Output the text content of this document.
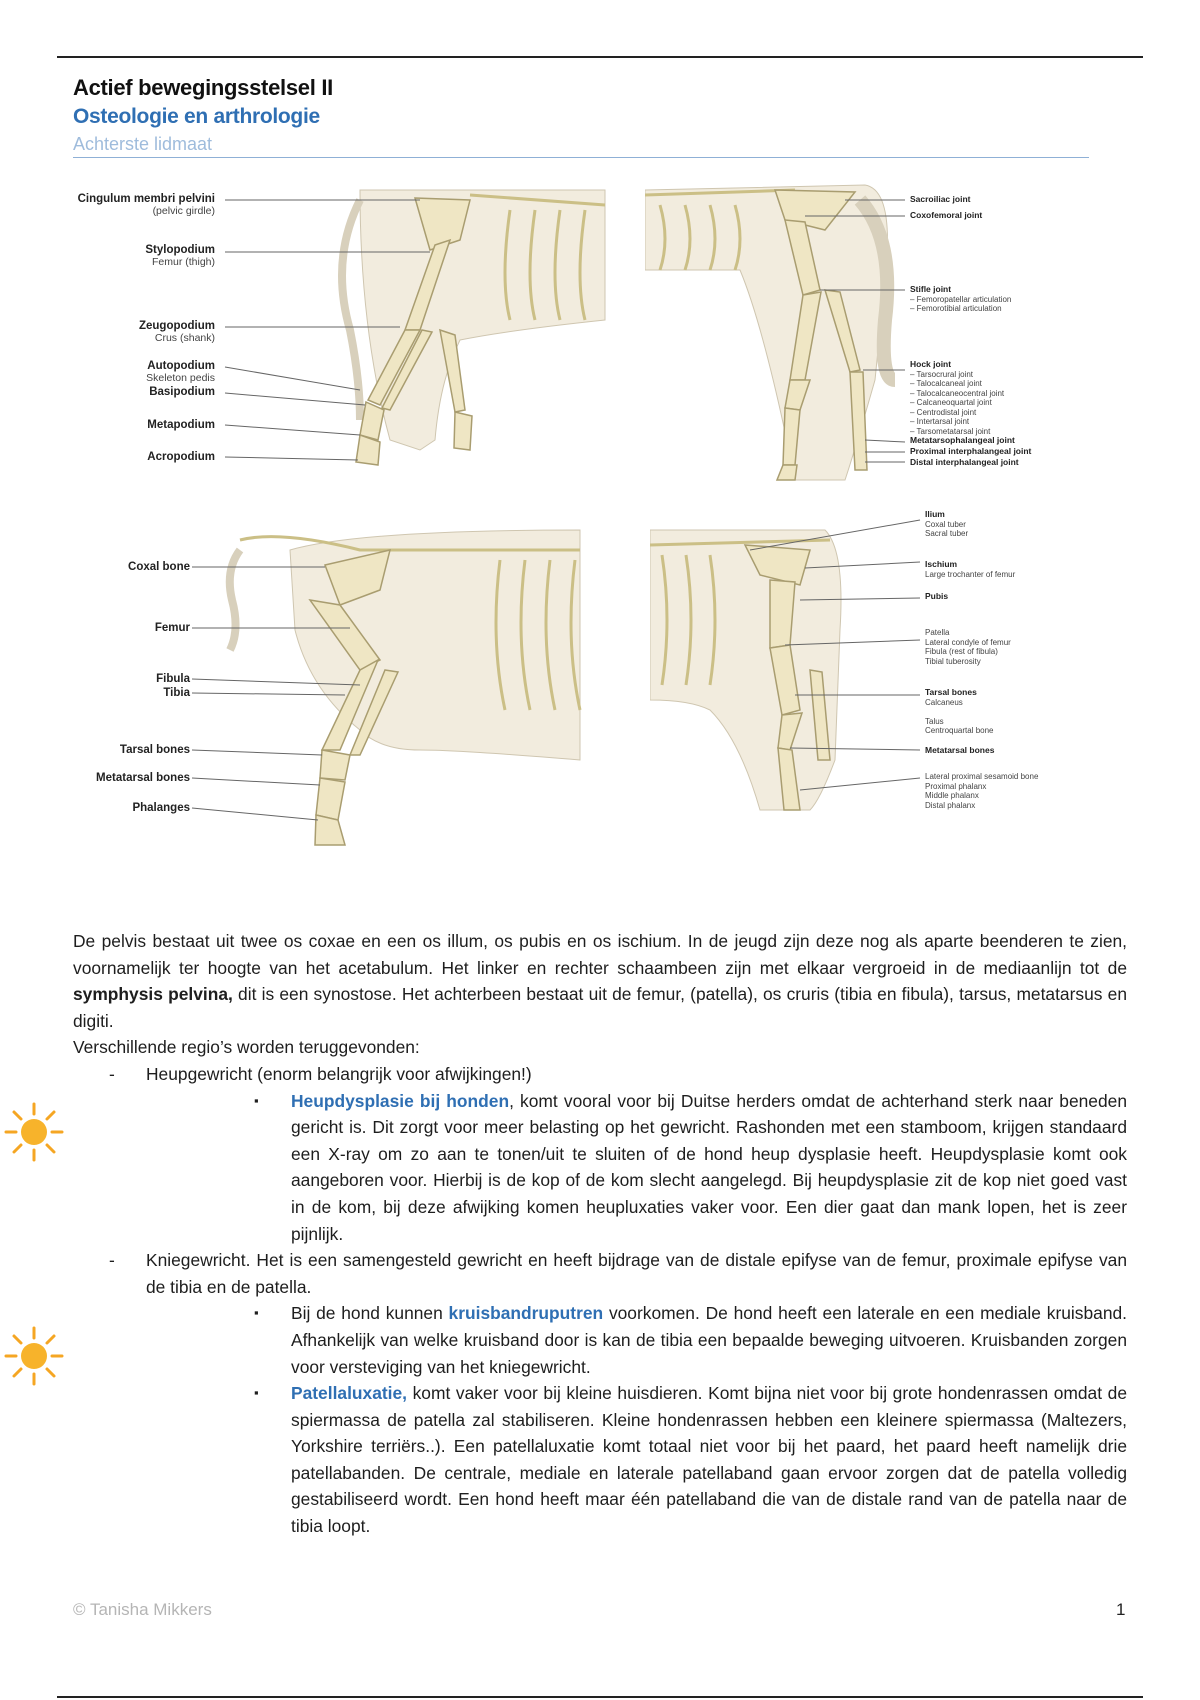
Actief bewegingsstelsel II

Osteologie en arthrologie

Achterste lidmaat

Cingulum membri pelvini
(pelvic girdle)
Stylopodium
Femur (thigh)
Zeugopodium
Crus (shank)
Autopodium
Skeleton pedis
Basipodium
Metapodium
Acropodium
Sacroiliac joint
Coxofemoral joint
Stifle joint
– Femoropatellar articulation
– Femorotibial articulation
Hock joint
– Tarsocrural joint
– Talocalcaneal joint
– Talocalcaneocentral joint
– Calcaneoquartal joint
– Centrodistal joint
– Intertarsal joint
– Tarsometatarsal joint
Metatarsophalangeal joint
Proximal interphalangeal joint
Distal interphalangeal joint
Coxal bone
Femur
Fibula
Tibia
Tarsal bones
Metatarsal bones
Phalanges
Ilium
Coxal tuber
Sacral tuber
Ischium
Large trochanter of femur
Pubis
Patella
Lateral condyle of femur
Fibula (rest of fibula)
Tibial tuberosity
Tarsal bones
Calcaneus

Talus
Centroquartal bone
Metatarsal bones
Lateral proximal sesamoid bone
Proximal phalanx
Middle phalanx
Distal phalanx

De pelvis bestaat uit twee os coxae en een os illum, os pubis en os ischium. In de jeugd zijn deze nog als aparte beenderen te zien, voornamelijk ter hoogte van het acetabulum. Het linker en rechter schaambeen zijn met elkaar vergroeid in de mediaanlijn tot de symphysis pelvina, dit is een synostose. Het achterbeen bestaat uit de femur, (patella), os cruris (tibia en fibula), tarsus, metatarsus en digiti.

Verschillende regio’s worden teruggevonden:

- Heupgewricht (enorm belangrijk voor afwijkingen!)
▪ Heupdysplasie bij honden, komt vooral voor bij Duitse herders omdat de achterhand sterk naar beneden gericht is. Dit zorgt voor meer belasting op het gewricht. Rashonden met een stamboom, krijgen standaard een X-ray om zo aan te tonen/uit te sluiten of de hond heup dysplasie heeft. Heupdysplasie komt ook aangeboren voor. Hierbij is de kop of de kom slecht aangelegd. Bij heupdysplasie zit de kop niet goed vast in de kom, bij deze afwijking komen heupluxaties vaker voor. Een dier gaat dan mank lopen, het is zeer pijnlijk.
- Kniegewricht. Het is een samengesteld gewricht en heeft bijdrage van de distale epifyse van de femur, proximale epifyse van de tibia en de patella.
▪ Bij de hond kunnen kruisbandruputren voorkomen. De hond heeft een laterale en een mediale kruisband. Afhankelijk van welke kruisband door is kan de tibia een bepaalde beweging uitvoeren. Kruisbanden zorgen voor versteviging van het kniegewricht.
▪ Patellaluxatie, komt vaker voor bij kleine huisdieren. Komt bijna niet voor bij grote hondenrassen omdat de spiermassa de patella zal stabiliseren. Kleine hondenrassen hebben een kleinere spiermassa (Maltezers, Yorkshire terriërs..). Een patellaluxatie komt totaal niet voor bij het paard, het paard heeft namelijk drie patellabanden. De centrale, mediale en laterale patellaband gaan ervoor zorgen dat de patella volledig gestabiliseerd wordt. Een hond heeft maar één patellaband die van de distale rand van de patella naar de tibia loopt.
© Tanisha Mikkers	1
